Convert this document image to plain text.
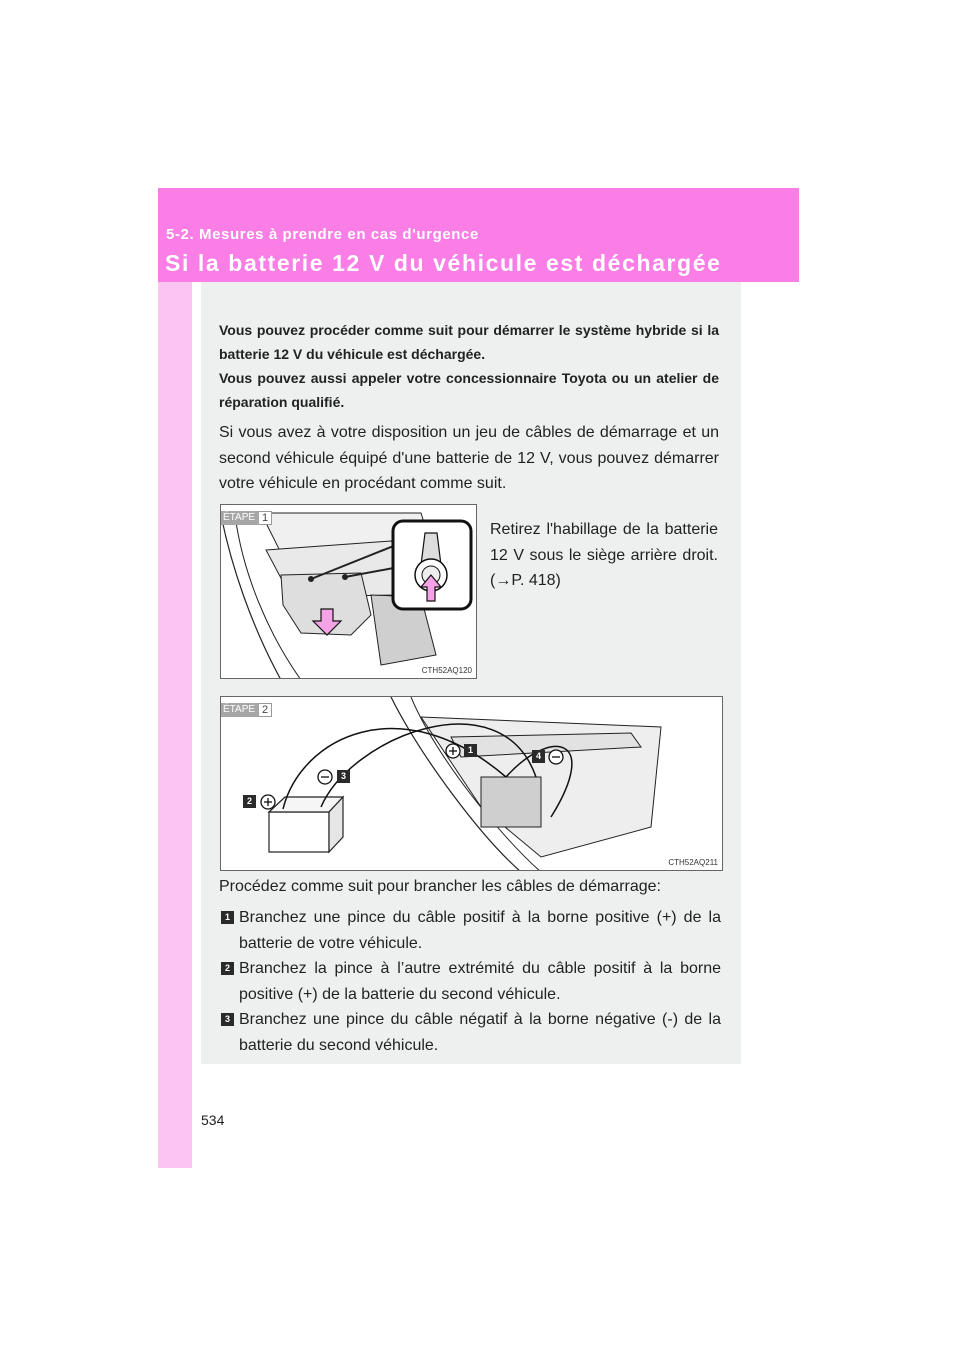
5-2. Mesures à prendre en cas d'urgence
Si la batterie 12 V du véhicule est déchargée

Vous pouvez procéder comme suit pour démarrer le système hybride si la batterie 12 V du véhicule est déchargée.

Vous pouvez aussi appeler votre concessionnaire Toyota ou un atelier de réparation qualifié.

Si vous avez à votre disposition un jeu de câbles de démarrage et un second véhicule équipé d'une batterie de 12 V, vous pouvez démarrer votre véhicule en procédant comme suit.

ÉTAPE 1
CTH52AQ120

Retirez l'habillage de la batterie 12 V sous le siège arrière droit. (→P. 418)

ÉTAPE 2
1
2
3
4
CTH52AQ211

Procédez comme suit pour brancher les câbles de démarrage:

1 Branchez une pince du câble positif à la borne positive (+) de la batterie de votre véhicule.
2 Branchez la pince à l’autre extrémité du câble positif à la borne positive (+) de la batterie du second véhicule.
3 Branchez une pince du câble négatif à la borne négative (-) de la batterie du second véhicule.
534
